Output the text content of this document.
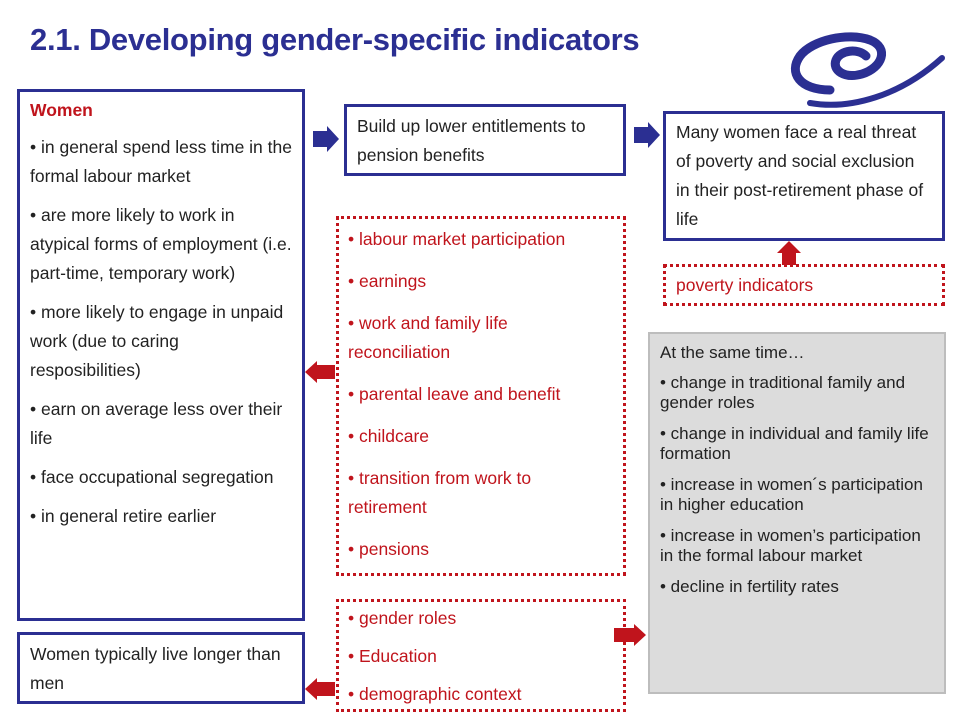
2.1. Developing gender-specific indicators

Women

• in general spend less time in the formal labour market

• are more likely to work in atypical forms of employment (i.e. part-time, temporary work)

• more likely to engage in unpaid work (due to caring resposibilities)

• earn on average less over their life

• face occupational segregation

• in general retire earlier

Women typically live longer than men

Build up lower entitlements to pension benefits

Many women face a real threat of poverty and social exclusion in their post-retirement phase of life

poverty indicators

• labour market participation

• earnings

• work and family life reconciliation

• parental leave and benefit

• childcare

• transition from work to retirement

• pensions

• gender roles

• Education

• demographic context

At the same time…

• change in traditional family and gender roles

• change in individual and family life formation

• increase in women´s participation in higher education

• increase in women’s participation in the formal labour market

• decline in fertility rates
